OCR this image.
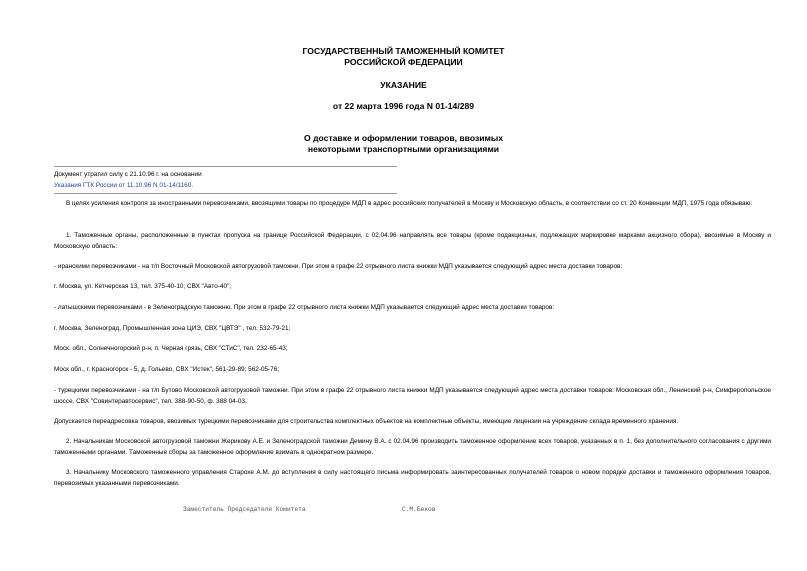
ГОСУДАРСТВЕННЫЙ ТАМОЖЕННЫЙ КОМИТЕТ
РОССИЙСКОЙ ФЕДЕРАЦИИ
УКАЗАНИЕ
от 22 марта 1996 года N 01-14/289
О доставке и оформлении товаров, ввозимых
некоторыми транспортными организациями
Документ утратил силу с 21.10.96 г. на основании
Указания ГТК России от 11.10.96 N 01-14/1160.
В целях усиления контроля за иностранными перевозчиками, ввозящими товары по процедуре МДП в адрес российских получателей в Москву и Московскую область, в соответствии со ст. 20 Конвенции МДП, 1975 года обязываю:
1. Таможенные органы, расположенные в пунктах пропуска на границе Российской Федерации, с 02.04.96 направлять все товары (кроме подакцизных, подлежащих маркировке марками акцизного сбора), ввозимые в Москву и Московскую область:
- иранскими перевозчиками - на т/п Восточный Московской автогрузовой таможни. При этом в графе 22 отрывного листа книжки МДП указывается следующий адрес места доставки товаров:
г. Москва, ул. Кетчерская 13, тел. 375-40-10; СВХ "Авто-40";
- латышскими перевозчиками - в Зеленоградскую таможню. При этом в графе 22 отрывного листа книжки МДП указывается следующий адрес места доставки товаров:
г. Москва, Зеленоград, Промышленная зона ЦИЭ, СВХ "ЦВТЭ" , тел. 532-79-21;
Моск. обл., Солнечногорский р-н, п. Черная грязь, СВХ "СТиС", тел. 232-65-43;
Моск обл., г. Красногорск - 5, д. Гольево, СВХ "Истек", 561-29-89; 562-05-76;
- турецкими перевозчиками - на т/п Бутово Московской автогрузовой таможни. При этом в графе 22 отрывного листа книжки МДП указывается следующий адрес места доставки товаров: Московская обл., Ленинский р-н, Симферопольское шоссе, СВХ "Совинтеравтосервис", тел. 388-90-50, ф. 388 04-03.
Допускается переадресовка товаров, ввозимых турецкими перевозчиками для строительства комплектных объектов на комплектные объекты, имеющие лицензии на учреждение склада временного хранения.
2. Начальникам Московской автогрузовой таможни Жерикову А.Е. и Зеленоградской таможни Демину В.А. с 02.04.96 производить таможенное оформление всех товаров, указанных в п. 1, без дополнительного согласования с другими таможенными органами. Таможенные сборы за таможенное оформление взимать в однократном размере.
3. Начальнику Московского таможенного управления Старохе А.М. до вступления в силу настоящего письма информировать заинтересованных получателей товаров о новом порядке доставки и таможенного оформления товаров, перевозимых указанными перевозчиками.
Заместитель Председателя Комитета	С.М.Беков
